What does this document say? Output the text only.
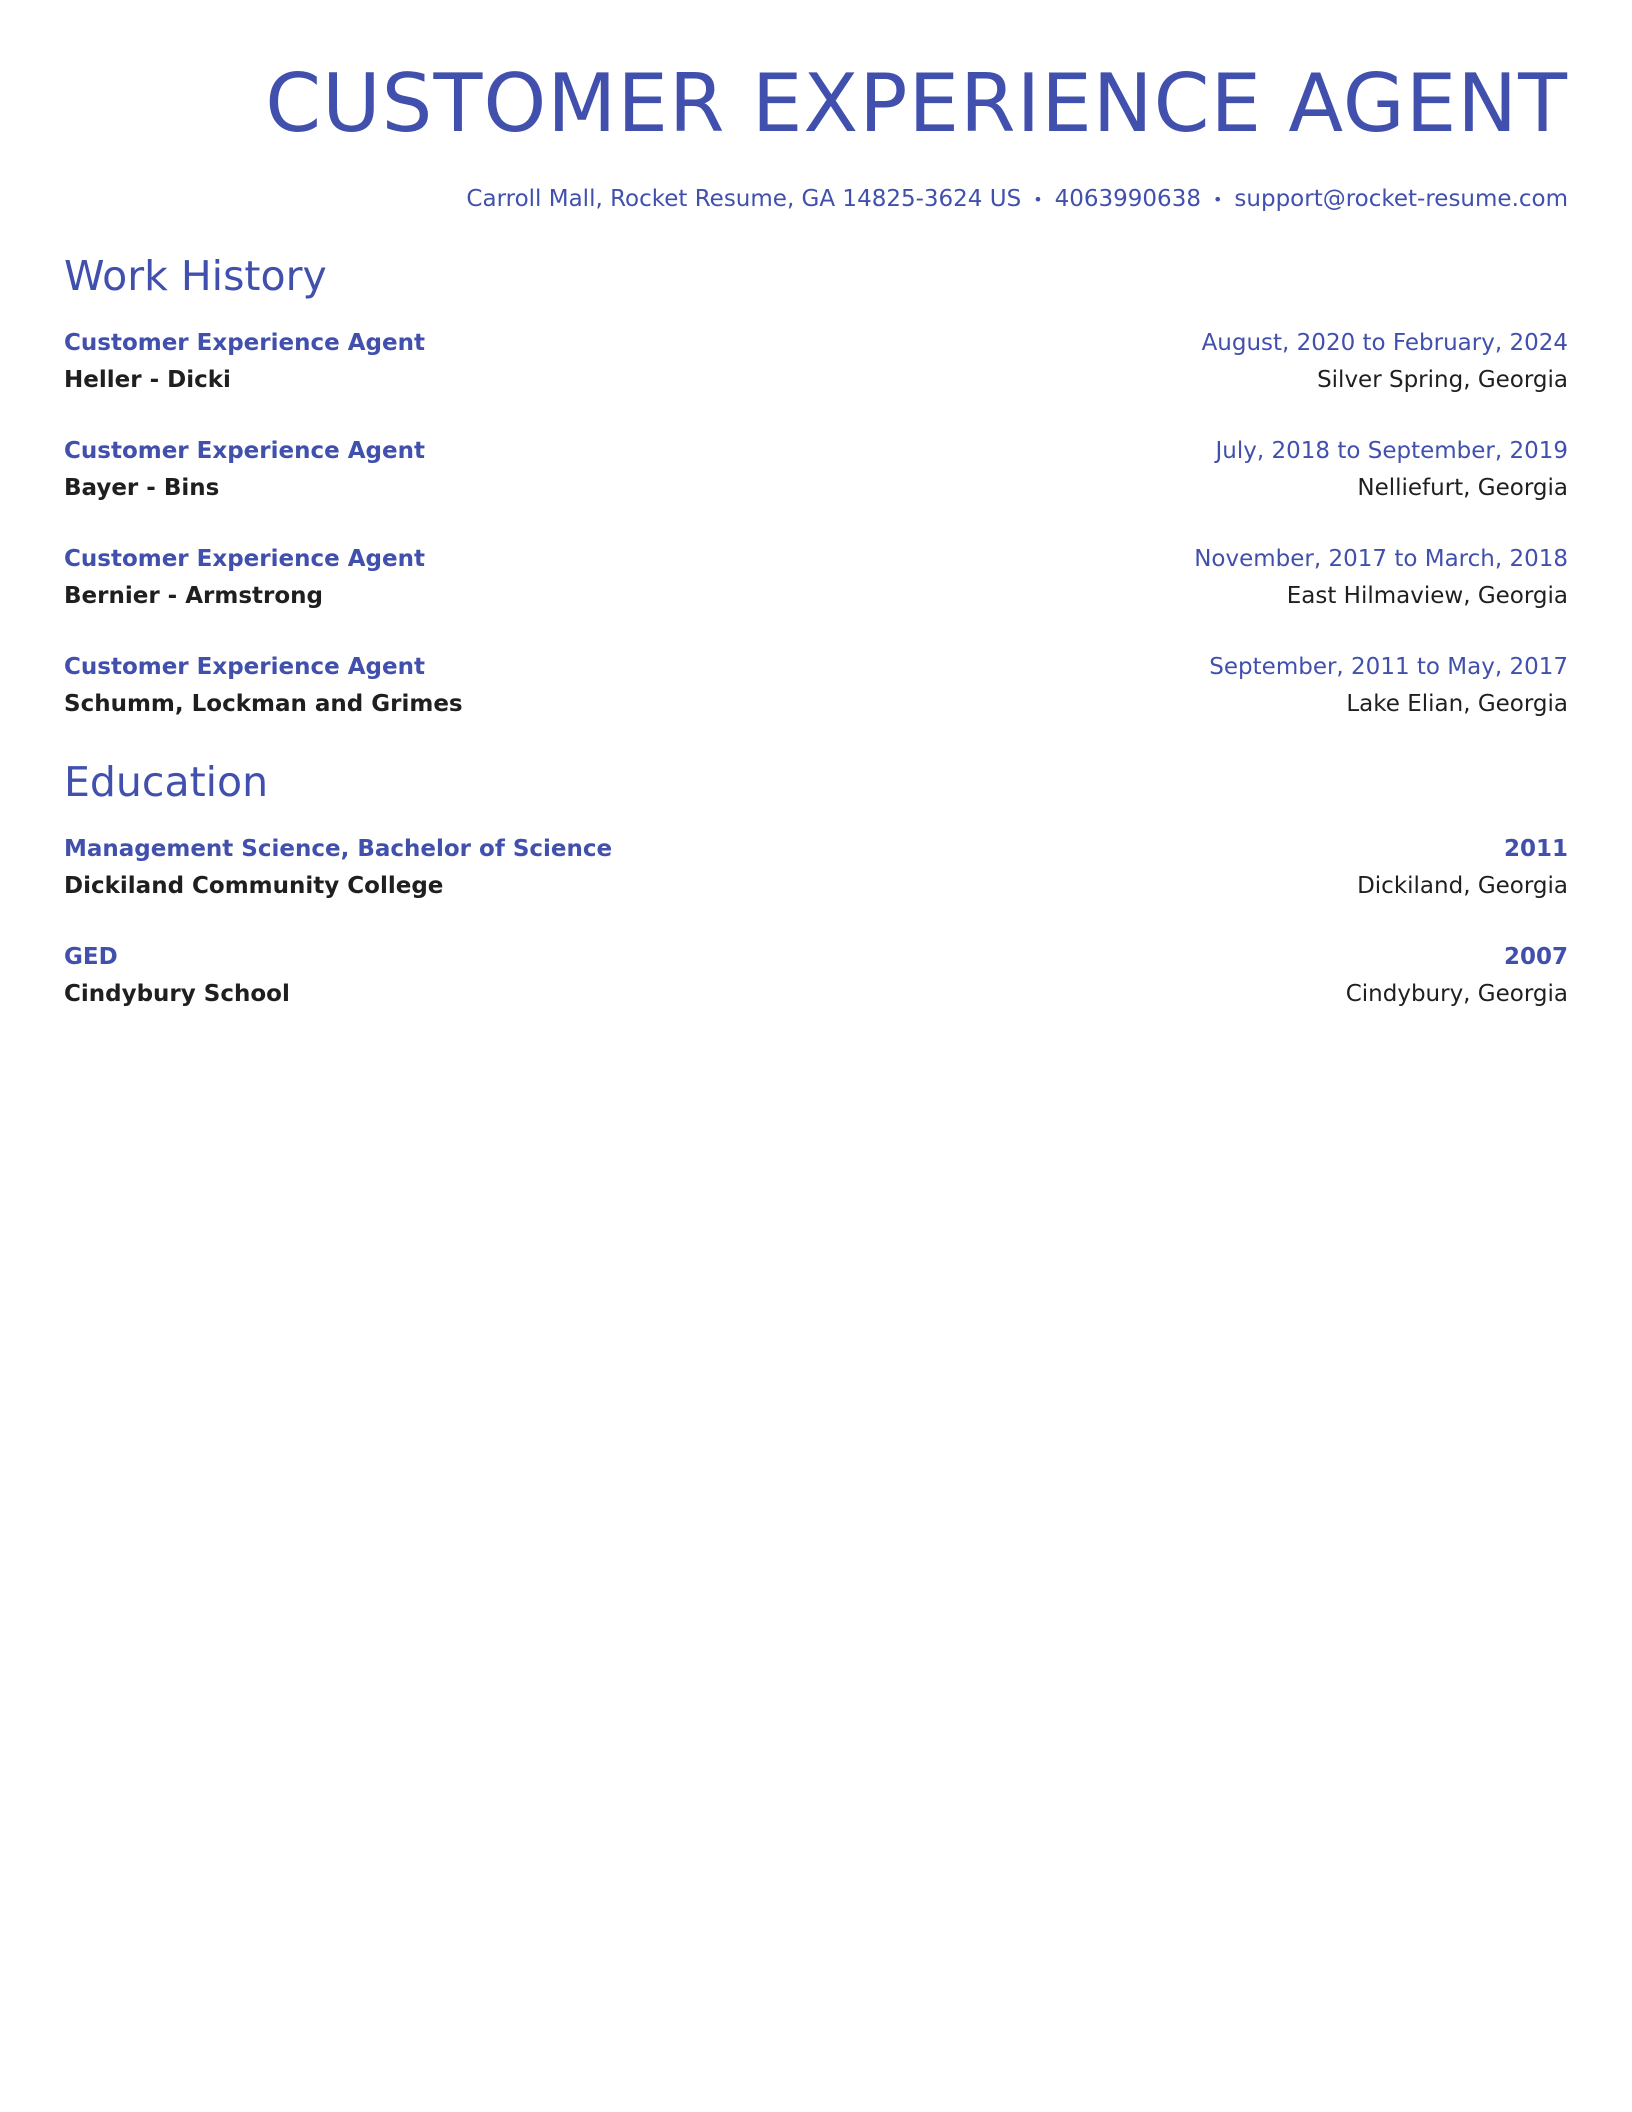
CUSTOMER EXPERIENCE AGENT
Carroll Mall, Rocket Resume, GA 14825-3624 US • 4063990638 • support@rocket-resume.com
Work History
Customer Experience Agent	August, 2020 to February, 2024
Heller - Dicki	Silver Spring, Georgia
Customer Experience Agent	July, 2018 to September, 2019
Bayer - Bins	Nelliefurt, Georgia
Customer Experience Agent	November, 2017 to March, 2018
Bernier - Armstrong	East Hilmaview, Georgia
Customer Experience Agent	September, 2011 to May, 2017
Schumm, Lockman and Grimes	Lake Elian, Georgia
Education
Management Science, Bachelor of Science	2011
Dickiland Community College	Dickiland, Georgia
GED	2007
Cindybury School	Cindybury, Georgia
